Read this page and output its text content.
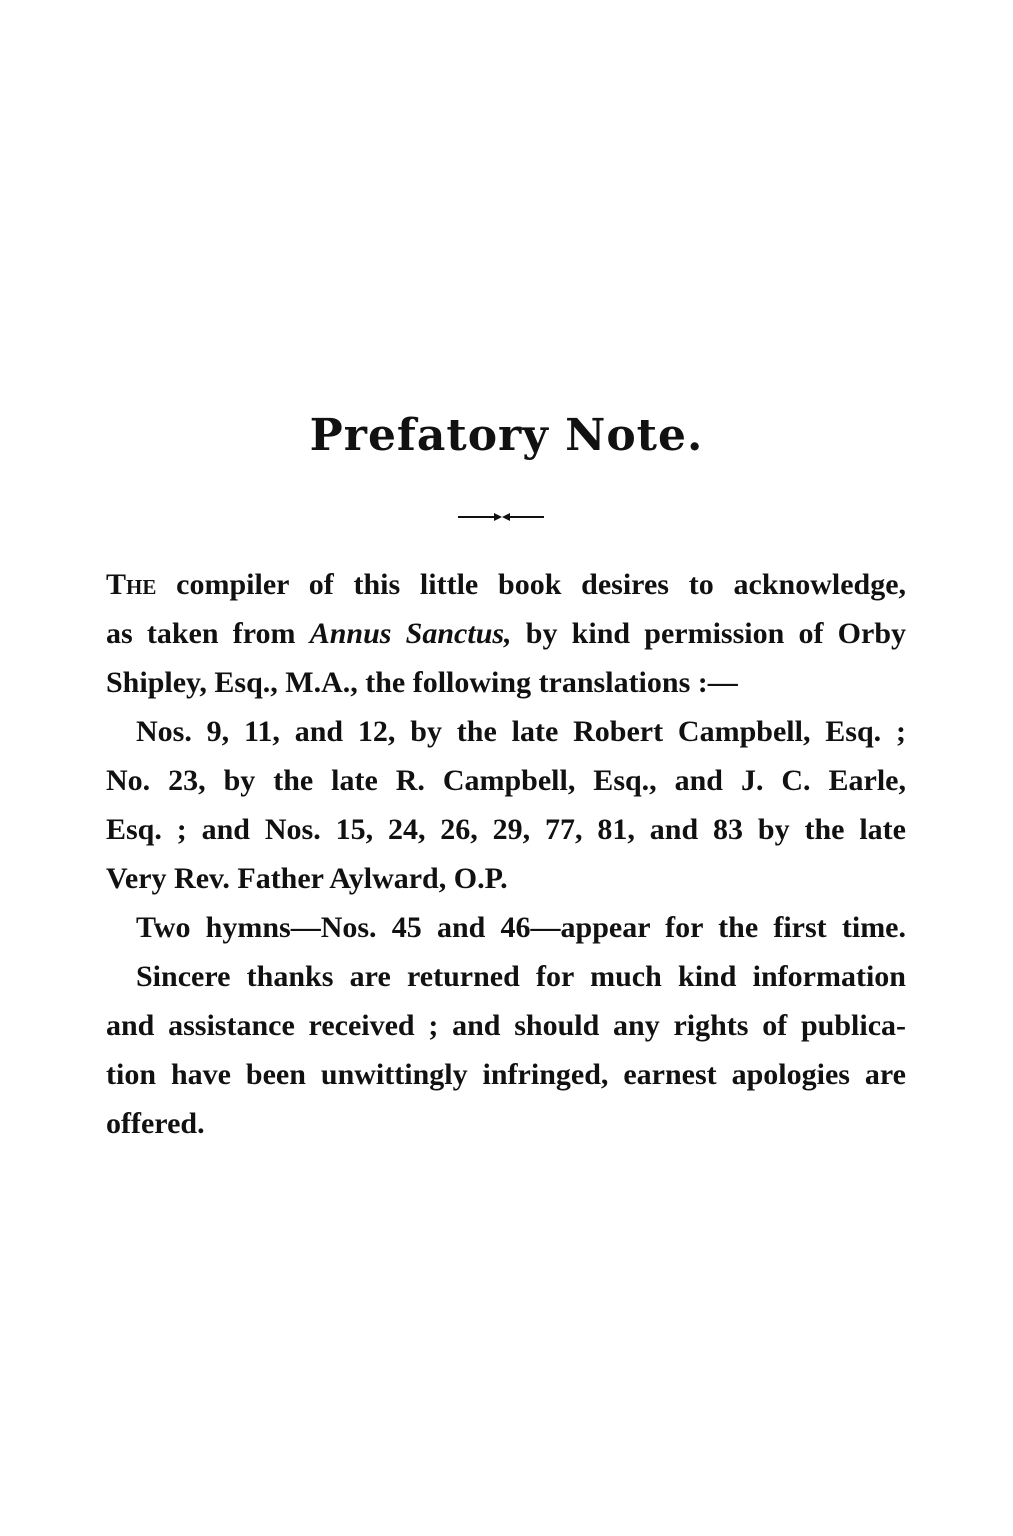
Prefatory Note.
The compiler of this little book desires to acknowledge,
as taken from Annus Sanctus, by kind permission of Orby
Shipley, Esq., M.A., the following translations :—
Nos. 9, 11, and 12, by the late Robert Campbell, Esq. ;
No. 23, by the late R. Campbell, Esq., and J. C. Earle,
Esq. ; and Nos. 15, 24, 26, 29, 77, 81, and 83 by the late
Very Rev. Father Aylward, O.P.
Two hymns—Nos. 45 and 46—appear for the first time.
Sincere thanks are returned for much kind information
and assistance received ; and should any rights of publica-
tion have been unwittingly infringed, earnest apologies are
offered.
